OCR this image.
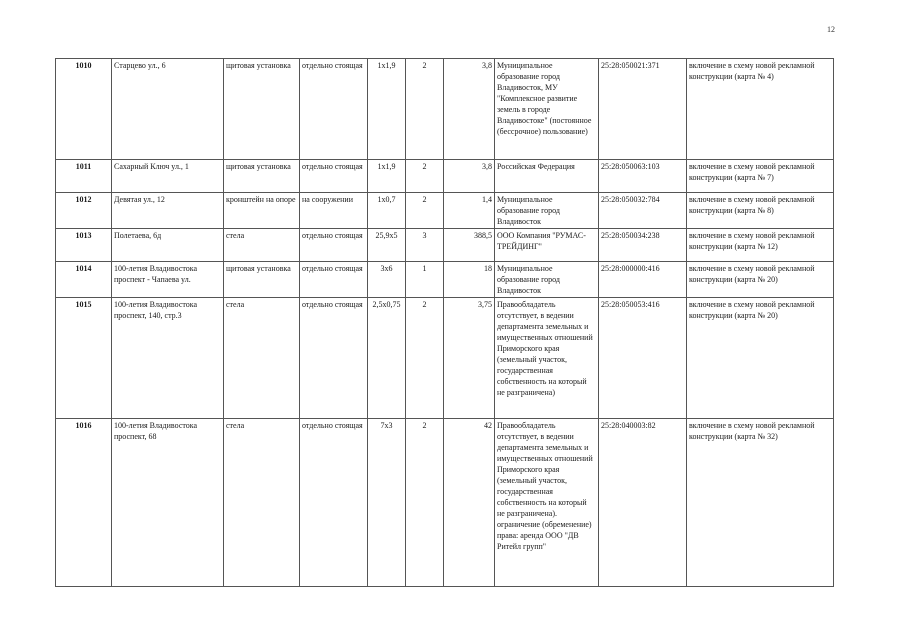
12
1010	Старцево ул., 6	щитовая установка	отдельно стоящая	1х1,9	2	3,8	Муниципальное образование город Владивосток, МУ "Комплексное развитие земель в городе Владивостоке" (постоянное (бессрочное) пользование)	25:28:050021:371	включение в схему новой рекламной конструкции (карта № 4)
1011	Сахарный Ключ ул., 1	щитовая установка	отдельно стоящая	1х1,9	2	3,8	Российская Федерация	25:28:050063:103	включение в схему новой рекламной конструкции (карта № 7)
1012	Девятая ул., 12	кронштейн на опоре	на сооружении	1х0,7	2	1,4	Муниципальное образование город Владивосток	25:28:050032:784	включение в схему новой рекламной конструкции (карта № 8)
1013	Полетаева, 6д	стела	отдельно стоящая	25,9х5	3	388,5	ООО Компания "РУМАС-ТРЕЙДИНГ"	25:28:050034:238	включение в схему новой рекламной конструкции (карта № 12)
1014	100-летия Владивостока проспект - Чапаева ул.	щитовая установка	отдельно стоящая	3х6	1	18	Муниципальное образование город Владивосток	25:28:000000:416	включение в схему новой рекламной конструкции (карта № 20)
1015	100-летия Владивостока проспект, 140, стр.3	стела	отдельно стоящая	2,5х0,75	2	3,75	Правообладатель отсутствует, в ведении департамента земельных и имущественных отношений Приморского края (земельный участок, государственная собственность на который не разграничена)	25:28:050053:416	включение в схему новой рекламной конструкции (карта № 20)
1016	100-летия Владивостока проспект, 68	стела	отдельно стоящая	7х3	2	42	Правообладатель отсутствует, в ведении департамента земельных и имущественных отношений Приморского края (земельный участок, государственная собственность на который не разграничена). ограничение (обременение) права: аренда ООО "ДВ Ритейл групп"	25:28:040003:82	включение в схему новой рекламной конструкции (карта № 32)
